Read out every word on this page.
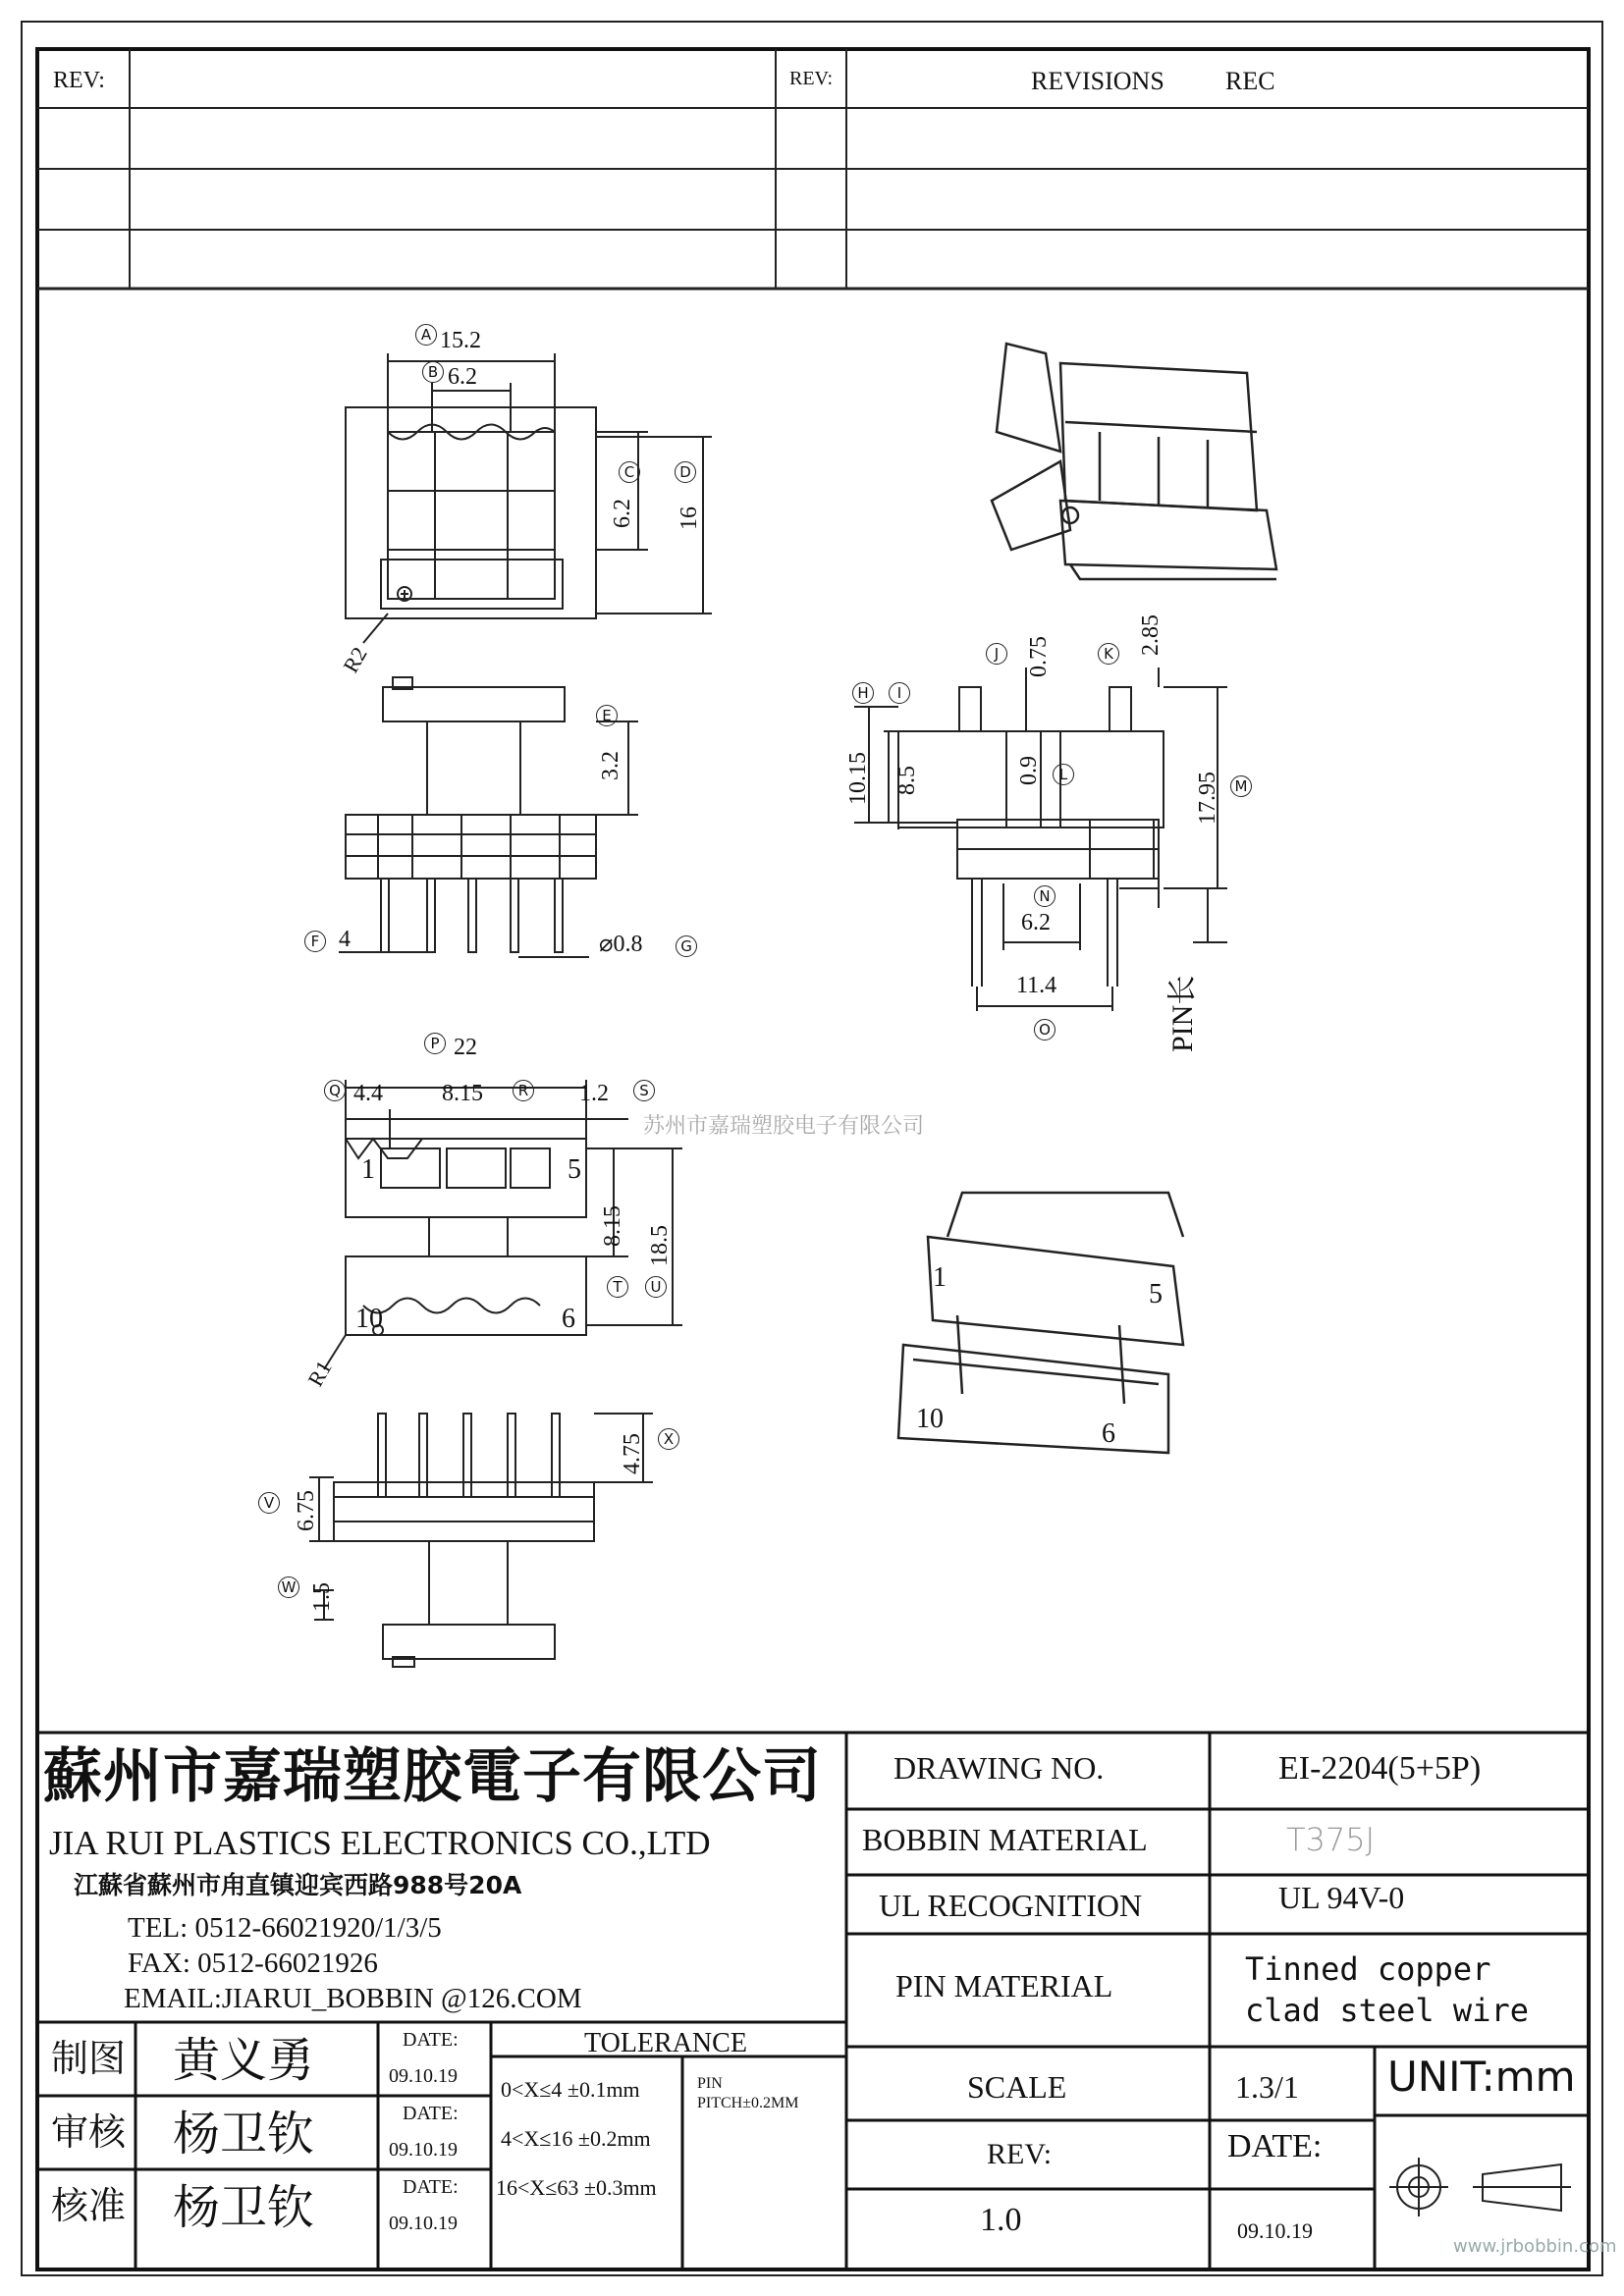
REV:	REV:	REVISIONS REC
15.2
6.2
6.2 16
R2
3.2
4	⌀0.8
10.15 8.5
0.75
2.85
0.9
17.95
6.2
11.4	PIN长
22
4.4	8.15	1.2
8.15 18.5
R1
6.75
1.5
4.75
A
B
C	D
E
F	G
H	I
J	K
L
M
N
O
P
Q	R	S
T	U
V
W
X
1	5
10	6
1
5
10	6
苏州市嘉瑞塑胶电子有限公司
蘇州市嘉瑞塑胶電子有限公司
JIA RUI PLASTICS ELECTRONICS CO.,LTD
江蘇省蘇州市甪直镇迎宾西路988号20A
TEL: 0512-66021920/1/3/5
FAX: 0512-66021926
EMAIL:JIARUI_BOBBIN @126.COM
制图 黄义勇	DATE:
09.10.19
审核 杨卫钦	DATE:
09.10.19
核准 杨卫钦	DATE:
09.10.19
TOLERANCE
0<X≤4 ±0.1mm
4<X≤16 ±0.2mm
16<X≤63 ±0.3mm
PIN
PITCH±0.2MM
DRAWING NO.	EI-2204(5+5P)
BOBBIN MATERIAL	T375J
UL RECOGNITION	UL 94V-0
PIN MATERIAL	Tinned copper
clad steel wire
SCALE	1.3/1 UNIT:mm
REV:	DATE:
1.0	09.10.19
www.jrbobbin.com
